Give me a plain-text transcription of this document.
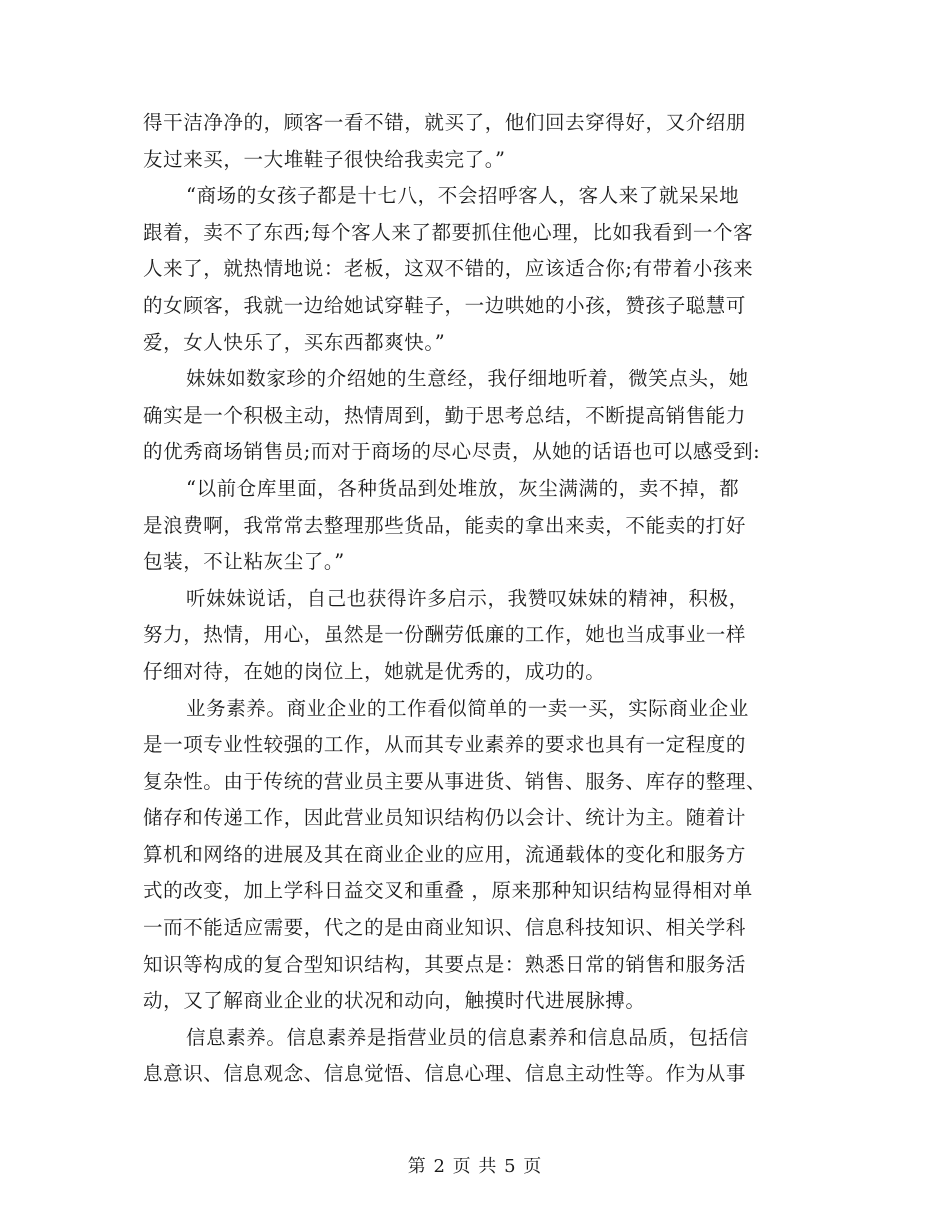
得干洁净净的，顾客一看不错，就买了，他们回去穿得好，又介绍朋
友过来买，一大堆鞋子很快给我卖完了。”
“商场的女孩子都是十七八，不会招呼客人，客人来了就呆呆地
跟着，卖不了东西;每个客人来了都要抓住他心理，比如我看到一个客
人来了，就热情地说：老板，这双不错的，应该适合你;有带着小孩来
的女顾客，我就一边给她试穿鞋子，一边哄她的小孩，赞孩子聪慧可
爱，女人快乐了，买东西都爽快。”
妹妹如数家珍的介绍她的生意经，我仔细地听着，微笑点头，她
确实是一个积极主动，热情周到，勤于思考总结，不断提高销售能力
的优秀商场销售员;而对于商场的尽心尽责，从她的话语也可以感受到:
“以前仓库里面，各种货品到处堆放，灰尘满满的，卖不掉，都
是浪费啊，我常常去整理那些货品，能卖的拿出来卖，不能卖的打好
包装，不让粘灰尘了。”
听妹妹说话，自己也获得许多启示，我赞叹妹妹的精神，积极，
努力，热情，用心，虽然是一份酬劳低廉的工作，她也当成事业一样
仔细对待，在她的岗位上，她就是优秀的，成功的。
业务素养。商业企业的工作看似简单的一卖一买，实际商业企业
是一项专业性较强的工作，从而其专业素养的要求也具有一定程度的
复杂性。由于传统的营业员主要从事进货、销售、服务、库存的整理、
储存和传递工作，因此营业员知识结构仍以会计、统计为主。随着计
算机和网络的进展及其在商业企业的应用，流通载体的变化和服务方
式的改变，加上学科日益交叉和重叠 ，原来那种知识结构显得相对单
一而不能适应需要，代之的是由商业知识、信息科技知识、相关学科
知识等构成的复合型知识结构，其要点是：熟悉日常的销售和服务活
动，又了解商业企业的状况和动向，触摸时代进展脉搏。
信息素养。信息素养是指营业员的信息素养和信息品质，包括信
息意识、信息观念、信息觉悟、信息心理、信息主动性等。作为从事
第 2 页 共 5 页
